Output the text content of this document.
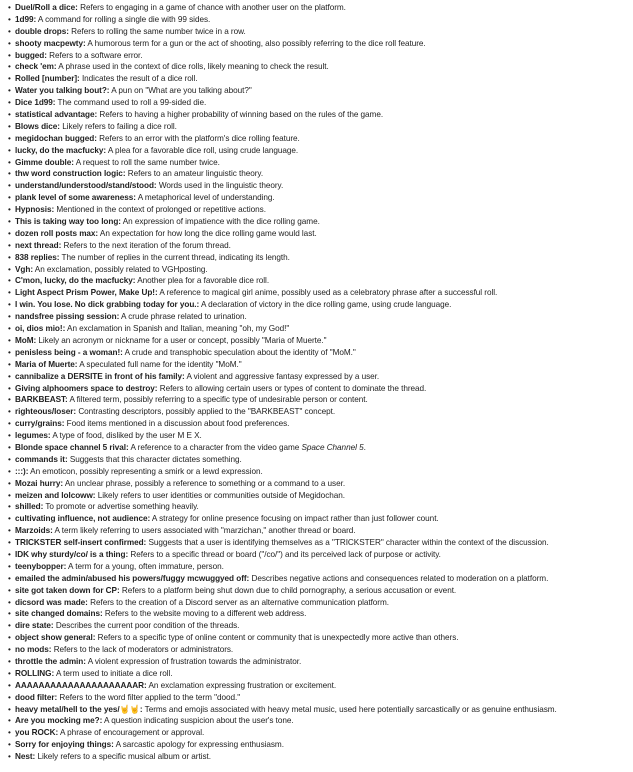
• Duel/Roll a dice: Refers to engaging in a game of chance with another user on the platform.
• 1d99: A command for rolling a single die with 99 sides.
• double drops: Refers to rolling the same number twice in a row.
• shooty macpewty: A humorous term for a gun or the act of shooting, also possibly referring to the dice roll feature.
• bugged: Refers to a software error.
• check 'em: A phrase used in the context of dice rolls, likely meaning to check the result.
• Rolled [number]: Indicates the result of a dice roll.
• Water you talking bout?: A pun on "What are you talking about?"
• Dice 1d99: The command used to roll a 99-sided die.
• statistical advantage: Refers to having a higher probability of winning based on the rules of the game.
• Blows dice: Likely refers to failing a dice roll.
• megidochan bugged: Refers to an error with the platform's dice rolling feature.
• lucky, do the macfucky: A plea for a favorable dice roll, using crude language.
• Gimme double: A request to roll the same number twice.
• thw word construction logic: Refers to an amateur linguistic theory.
• understand/understood/stand/stood: Words used in the linguistic theory.
• plank level of some awareness: A metaphorical level of understanding.
• Hypnosis: Mentioned in the context of prolonged or repetitive actions.
• This is taking way too long: An expression of impatience with the dice rolling game.
• dozen roll posts max: An expectation for how long the dice rolling game would last.
• next thread: Refers to the next iteration of the forum thread.
• 838 replies: The number of replies in the current thread, indicating its length.
• Vgh: An exclamation, possibly related to VGHposting.
• C'mon, lucky, do the macfucky: Another plea for a favorable dice roll.
• Light Aspect Prism Power, Make Up!: A reference to magical girl anime, possibly used as a celebratory phrase after a successful roll.
• I win. You lose. No dick grabbing today for you.: A declaration of victory in the dice rolling game, using crude language.
• nandsfree pissing session: A crude phrase related to urination.
• oi, dios mio!: An exclamation in Spanish and Italian, meaning "oh, my God!"
• MoM: Likely an acronym or nickname for a user or concept, possibly "Maria of Muerte."
• penisless being - a woman!: A crude and transphobic speculation about the identity of "MoM."
• Maria of Muerte: A speculated full name for the identity "MoM."
• cannibalize a DERSITE in front of his family: A violent and aggressive fantasy expressed by a user.
• Giving alphoomers space to destroy: Refers to allowing certain users or types of content to dominate the thread.
• BARKBEAST: A filtered term, possibly referring to a specific type of undesirable person or content.
• righteous/loser: Contrasting descriptors, possibly applied to the "BARKBEAST" concept.
• curry/grains: Food items mentioned in a discussion about food preferences.
• legumes: A type of food, disliked by the user M E X.
• Blonde space channel 5 rival: A reference to a character from the video game Space Channel 5.
• commands it: Suggests that this character dictates something.
• :::): An emoticon, possibly representing a smirk or a lewd expression.
• Mozai hurry: An unclear phrase, possibly a reference to something or a command to a user.
• meizen and lolcoww: Likely refers to user identities or communities outside of Megidochan.
• shilled: To promote or advertise something heavily.
• cultivating influence, not audience: A strategy for online presence focusing on impact rather than just follower count.
• Marzoids: A term likely referring to users associated with "marzichan," another thread or board.
• TRICKSTER self-insert confirmed: Suggests that a user is identifying themselves as a "TRICKSTER" character within the context of the discussion.
• IDK why sturdy/co/ is a thing: Refers to a specific thread or board ("/co/") and its perceived lack of purpose or activity.
• teenybopper: A term for a young, often immature, person.
• emailed the admin/abused his powers/fuggy mcwuggyed off: Describes negative actions and consequences related to moderation on a platform.
• site got taken down for CP: Refers to a platform being shut down due to child pornography, a serious accusation or event.
• dicsord was made: Refers to the creation of a Discord server as an alternative communication platform.
• site changed domains: Refers to the website moving to a different web address.
• dire state: Describes the current poor condition of the threads.
• object show general: Refers to a specific type of online content or community that is unexpectedly more active than others.
• no mods: Refers to the lack of moderators or administrators.
• throttle the admin: A violent expression of frustration towards the administrator.
• ROLLING: A term used to initiate a dice roll.
• AAAAAAAAAAAAAAAAAAAAAR: An exclamation expressing frustration or excitement.
• dood filter: Refers to the word filter applied to the term "dood."
• heavy metal/hell to the yes/🤘🤘: Terms and emojis associated with heavy metal music, used here potentially sarcastically or as genuine enthusiasm.
• Are you mocking me?: A question indicating suspicion about the user's tone.
• you ROCK: A phrase of encouragement or approval.
• Sorry for enjoying things: A sarcastic apology for expressing enthusiasm.
• Nest: Likely refers to a specific musical album or artist.
